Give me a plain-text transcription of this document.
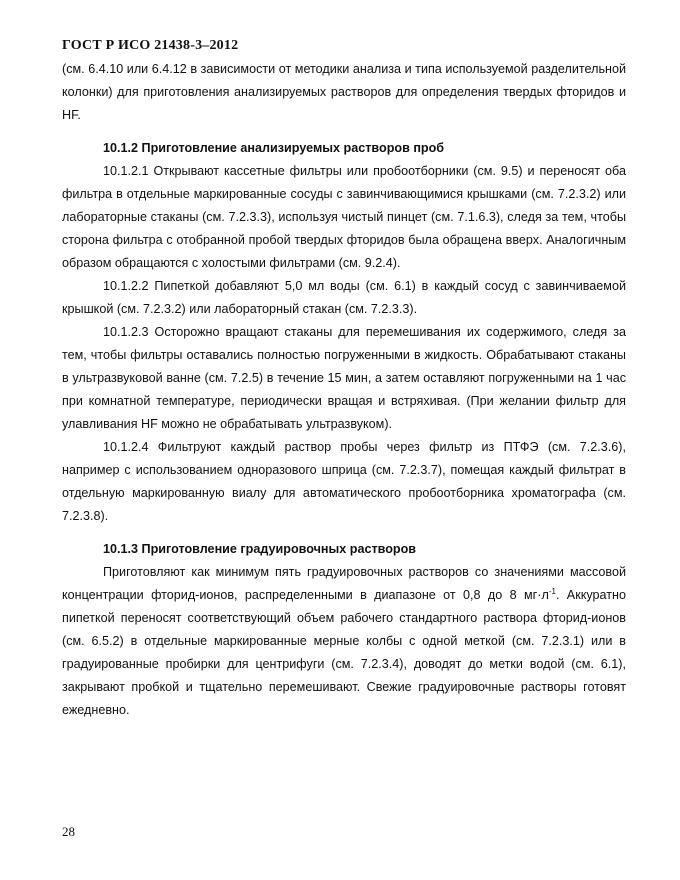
ГОСТ Р ИСО 21438-3–2012

(см. 6.4.10 или 6.4.12 в зависимости от методики анализа и типа используемой разделительной колонки) для приготовления анализируемых растворов для определения твердых фторидов и HF.

10.1.2 Приготовление анализируемых растворов проб

10.1.2.1 Открывают кассетные фильтры или пробоотборники (см. 9.5) и переносят оба фильтра в отдельные маркированные сосуды с завинчивающимися крышками (см. 7.2.3.2) или лабораторные стаканы (см. 7.2.3.3), используя чистый пинцет (см. 7.1.6.3), следя за тем, чтобы сторона фильтра с отобранной пробой твердых фторидов была обращена вверх. Аналогичным образом обращаются с холостыми фильтрами (см. 9.2.4).

10.1.2.2 Пипеткой добавляют 5,0 мл воды (см. 6.1) в каждый сосуд с завинчиваемой крышкой (см. 7.2.3.2) или лабораторный стакан (см. 7.2.3.3).

10.1.2.3 Осторожно вращают стаканы для перемешивания их содержимого, следя за тем, чтобы фильтры оставались полностью погруженными в жидкость. Обрабатывают стаканы в ультразвуковой ванне (см. 7.2.5) в течение 15 мин, а затем оставляют погруженными на 1 час при комнатной температуре, периодически вращая и встряхивая. (При желании фильтр для улавливания HF можно не обрабатывать ультразвуком).

10.1.2.4 Фильтруют каждый раствор пробы через фильтр из ПТФЭ (см. 7.2.3.6), например с использованием одноразового шприца (см. 7.2.3.7), помещая каждый фильтрат в отдельную маркированную виалу для автоматического пробоотборника хроматографа (см. 7.2.3.8).

10.1.3 Приготовление градуировочных растворов

Приготовляют как минимум пять градуировочных растворов со значениями массовой концентрации фторид-ионов, распределенными в диапазоне от 0,8 до 8 $мг\cdot л^{-1}$. Аккуратно пипеткой переносят соответствующий объем рабочего стандартного раствора фторид-ионов (см. 6.5.2) в отдельные маркированные мерные колбы с одной меткой (см. 7.2.3.1) или в градуированные пробирки для центрифуги (см. 7.2.3.4), доводят до метки водой (см. 6.1), закрывают пробкой и тщательно перемешивают. Свежие градуировочные растворы готовят ежедневно.

28
